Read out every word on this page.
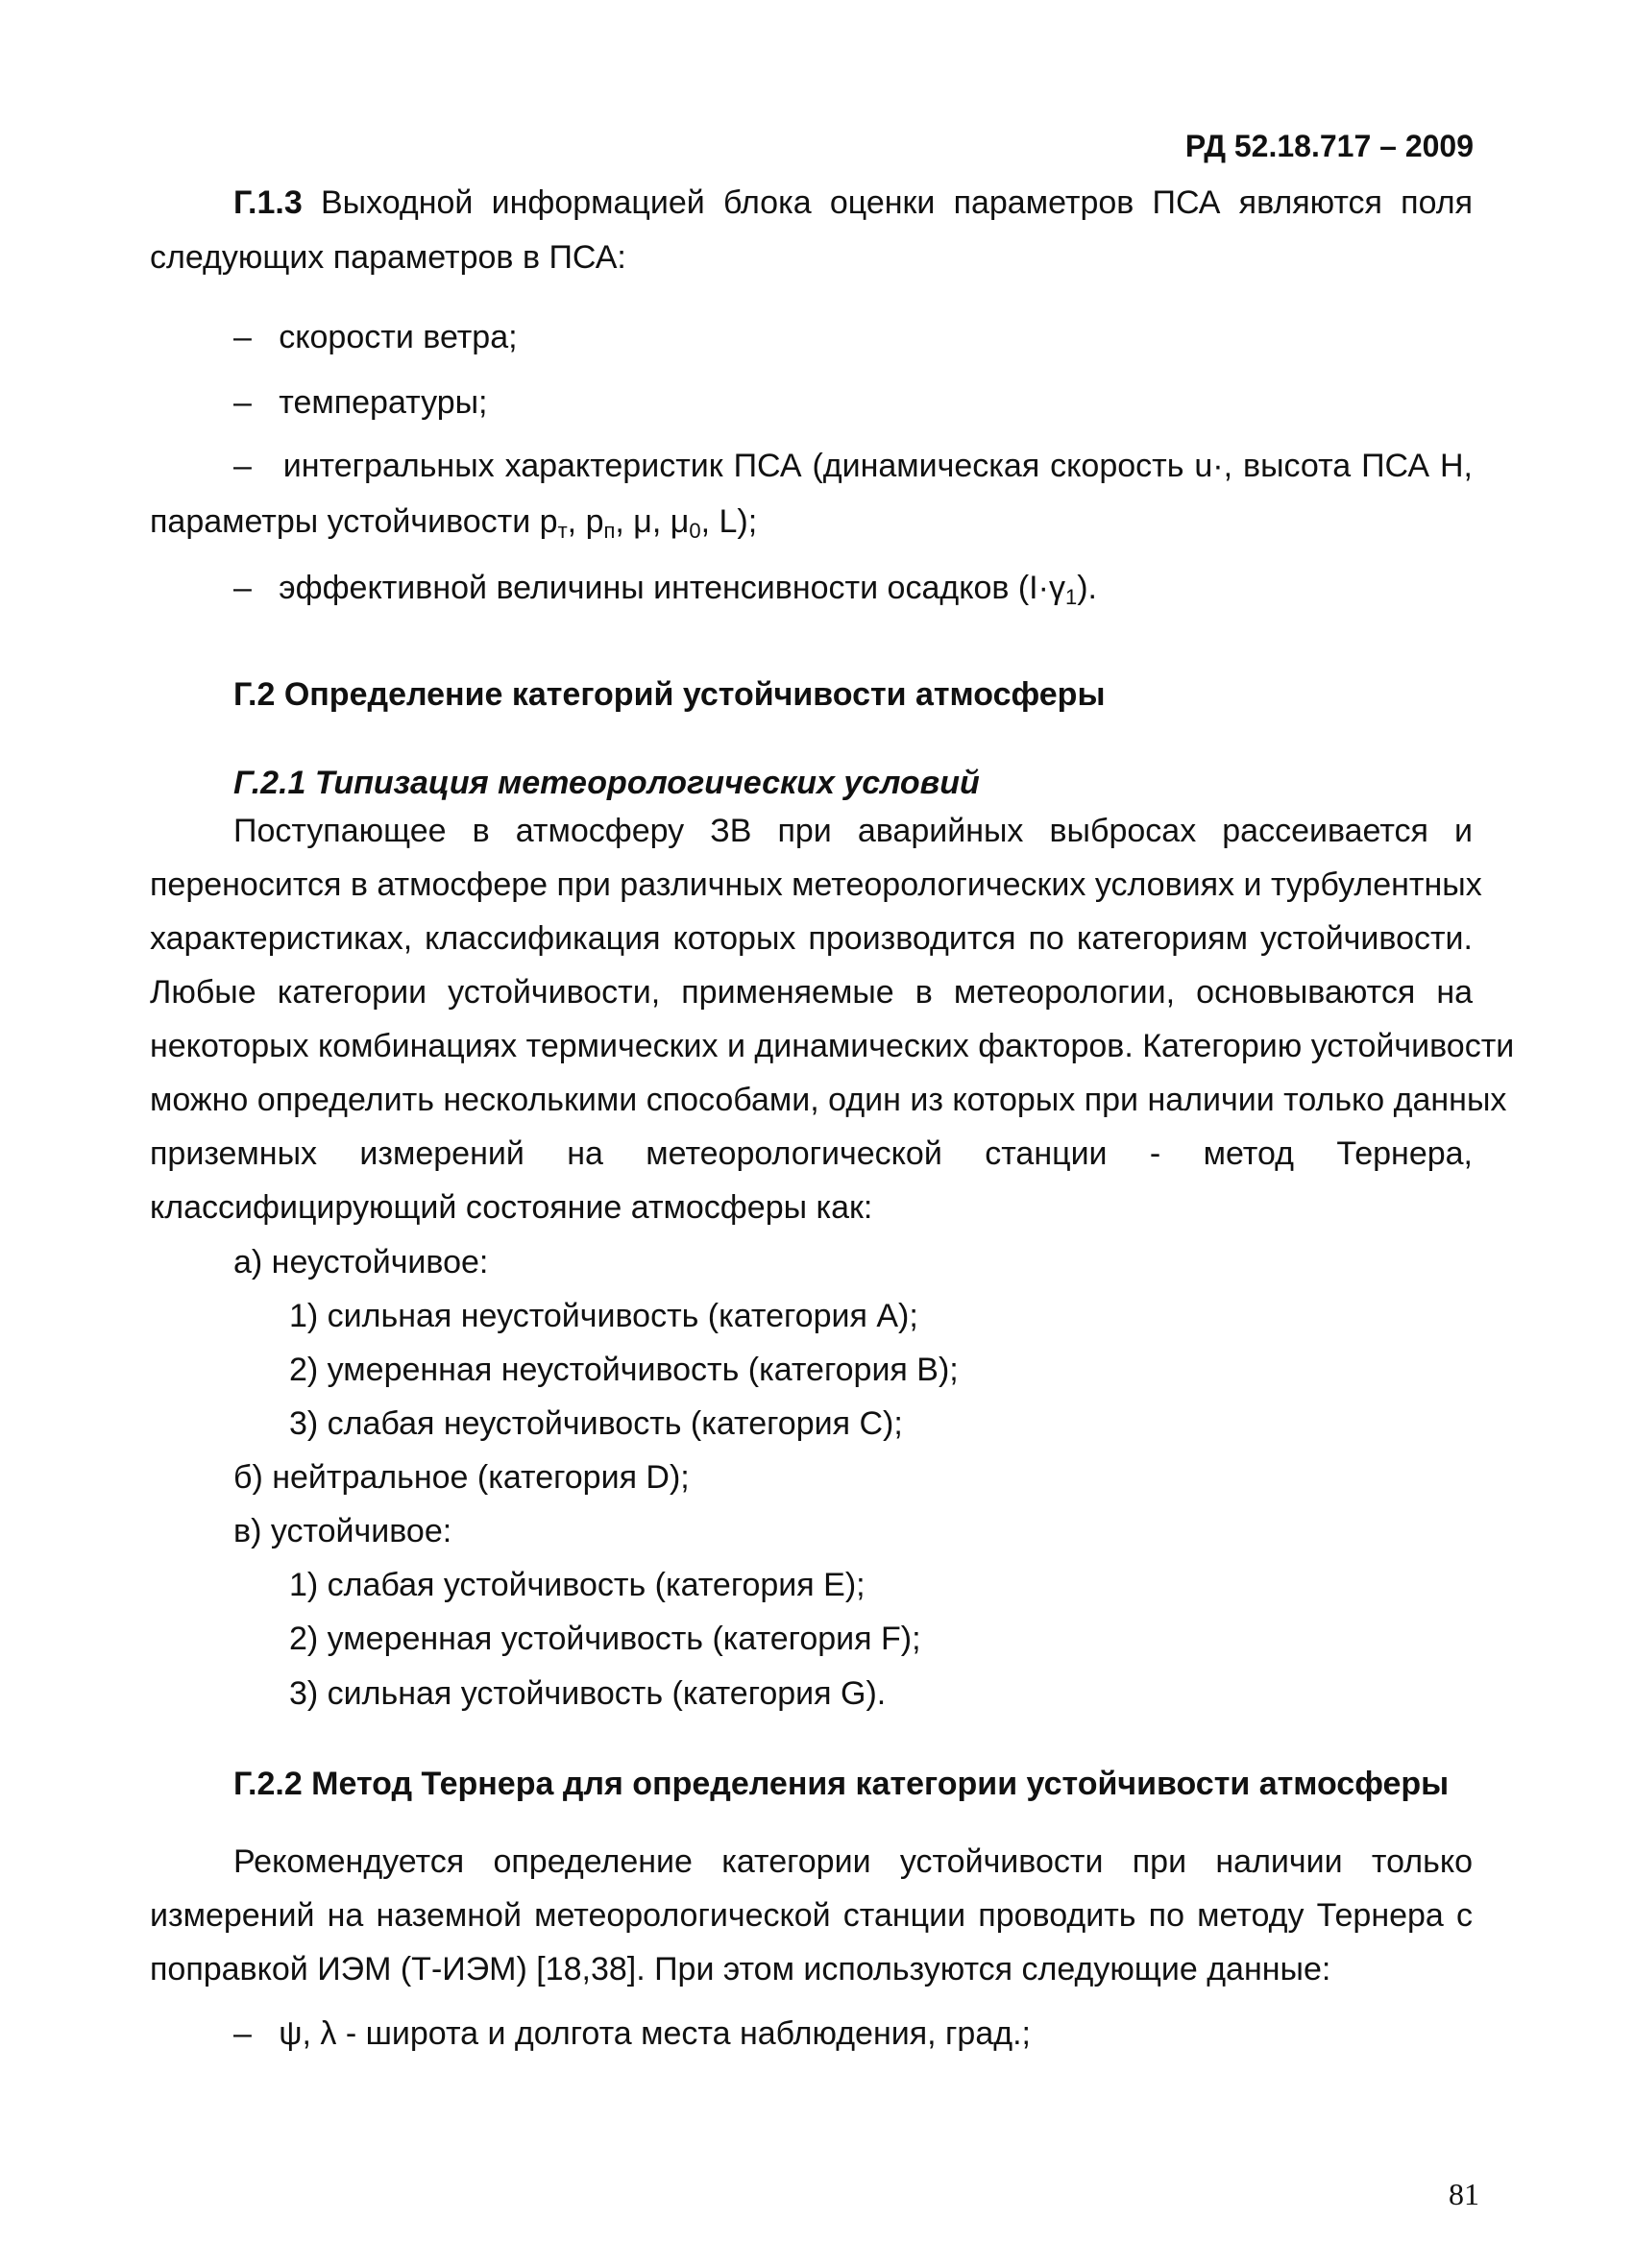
РД 52.18.717 – 2009
Г.1.3 Выходной информацией блока оценки параметров ПСА являются поля
следующих параметров в ПСА:
– скорости ветра;
– температуры;
– интегральных характеристик ПСА (динамическая скорость u·, высота ПСА H,
параметры устойчивости $p_т$, $p_п$, μ, $\mu_0$, L);
– эффективной величины интенсивности осадков $(I\cdot\gamma_1)$.
Г.2 Определение категорий устойчивости атмосферы
Г.2.1 Типизация метеорологических условий
Поступающее в атмосферу ЗВ при аварийных выбросах рассеивается и
переносится в атмосфере при различных метеорологических условиях и турбулентных
характеристиках, классификация которых производится по категориям устойчивости.
Любые категории устойчивости, применяемые в метеорологии, основываются на
некоторых комбинациях термических и динамических факторов. Категорию устойчивости
можно определить несколькими способами, один из которых при наличии только данных
приземных измерений на метеорологической станции - метод Тернера,
классифицирующий состояние атмосферы как:
а) неустойчивое:
1) сильная неустойчивость (категория A);
2) умеренная неустойчивость (категория B);
3) слабая неустойчивость (категория C);
б) нейтральное (категория D);
в) устойчивое:
1) слабая устойчивость (категория E);
2) умеренная устойчивость (категория F);
3) сильная устойчивость (категория G).
Г.2.2 Метод Тернера для определения категории устойчивости атмосферы
Рекомендуется определение категории устойчивости при наличии только
измерений на наземной метеорологической станции проводить по методу Тернера с
поправкой ИЭМ (Т-ИЭМ) [18,38]. При этом используются следующие данные:
– ψ, λ - широта и долгота места наблюдения, град.;
81
